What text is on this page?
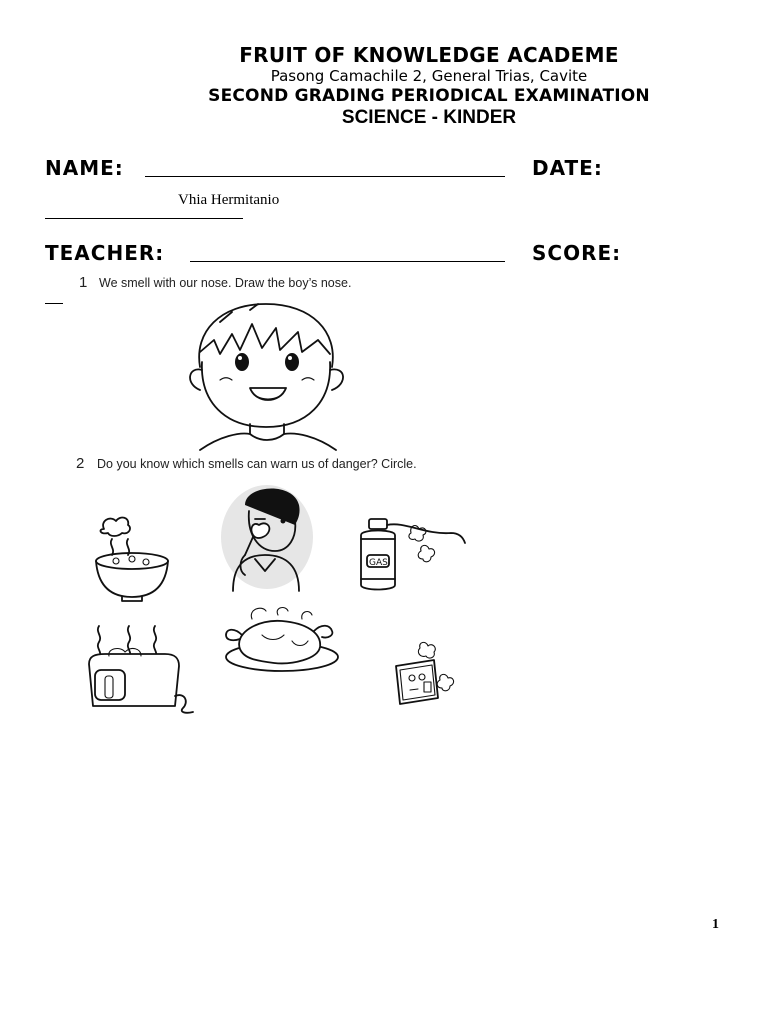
FRUIT OF KNOWLEDGE ACADEME
Pasong Camachile 2, General Trias, Cavite
SECOND GRADING PERIODICAL EXAMINATION
SCIENCE - KINDER
NAME:	DATE:
Vhia Hermitanio
TEACHER:	SCORE:
1 We smell with our nose. Draw the boy’s nose.
2 Do you know which smells can warn us of danger? Circle.
GAS
1
